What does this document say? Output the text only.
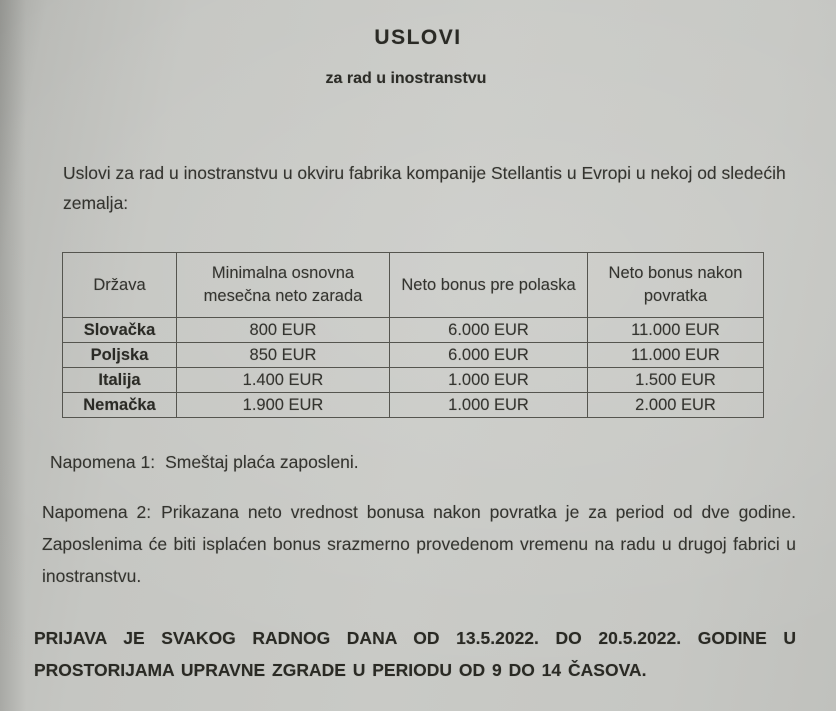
USLOVI
za rad u inostranstvu
Uslovi za rad u inostranstvu u okviru fabrika kompanije Stellantis u Evropi u nekoj od sledećih zemalja:
Država	Minimalna osnovna mesečna neto zarada	Neto bonus pre polaska	Neto bonus nakon povratka
Slovačka	800 EUR	6.000 EUR	11.000 EUR
Poljska	850 EUR	6.000 EUR	11.000 EUR
Italija	1.400 EUR	1.000 EUR	1.500 EUR
Nemačka	1.900 EUR	1.000 EUR	2.000 EUR
Napomena 1: Smeštaj plaća zaposleni.
Napomena 2: Prikazana neto vrednost bonusa nakon povratka je za period od dve godine. Zaposlenima će biti isplaćen bonus srazmerno provedenom vremenu na radu u drugoj fabrici u inostranstvu.
PRIJAVA JE SVAKOG RADNOG DANA OD 13.5.2022. DO 20.5.2022. GODINE U PROSTORIJAMA UPRAVNE ZGRADE U PERIODU OD 9 DO 14 ČASOVA.
